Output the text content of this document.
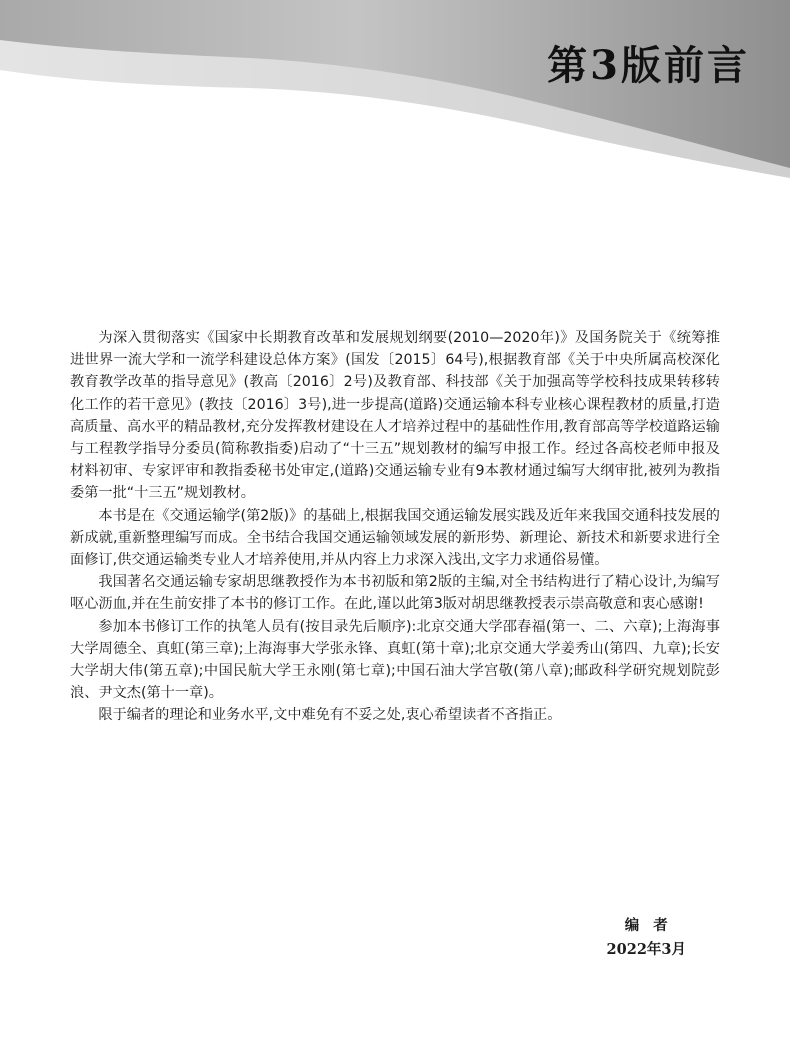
第3版前言

为深入贯彻落实《国家中长期教育改革和发展规划纲要(2010—2020年)》及国务院关于《统筹推进世界一流大学和一流学科建设总体方案》(国发〔2015〕64号),根据教育部《关于中央所属高校深化教育教学改革的指导意见》(教高〔2016〕2号)及教育部、科技部《关于加强高等学校科技成果转移转化工作的若干意见》(教技〔2016〕3号),进一步提高(道路)交通运输本科专业核心课程教材的质量,打造高质量、高水平的精品教材,充分发挥教材建设在人才培养过程中的基础性作用,教育部高等学校道路运输与工程教学指导分委员(简称教指委)启动了“十三五”规划教材的编写申报工作。经过各高校老师申报及材料初审、专家评审和教指委秘书处审定,(道路)交通运输专业有9本教材通过编写大纲审批,被列为教指委第一批“十三五”规划教材。

本书是在《交通运输学(第2版)》的基础上,根据我国交通运输发展实践及近年来我国交通科技发展的新成就,重新整理编写而成。全书结合我国交通运输领域发展的新形势、新理论、新技术和新要求进行全面修订,供交通运输类专业人才培养使用,并从内容上力求深入浅出,文字力求通俗易懂。

我国著名交通运输专家胡思继教授作为本书初版和第2版的主编,对全书结构进行了精心设计,为编写呕心沥血,并在生前安排了本书的修订工作。在此,谨以此第3版对胡思继教授表示崇高敬意和衷心感谢!

参加本书修订工作的执笔人员有(按目录先后顺序):北京交通大学邵春福(第一、二、六章);上海海事大学周德全、真虹(第三章);上海海事大学张永锋、真虹(第十章);北京交通大学姜秀山(第四、九章);长安大学胡大伟(第五章);中国民航大学王永刚(第七章);中国石油大学宫敬(第八章);邮政科学研究规划院彭浪、尹文杰(第十一章)。

限于编者的理论和业务水平,文中难免有不妥之处,衷心希望读者不吝指正。

编者
2022年3月
